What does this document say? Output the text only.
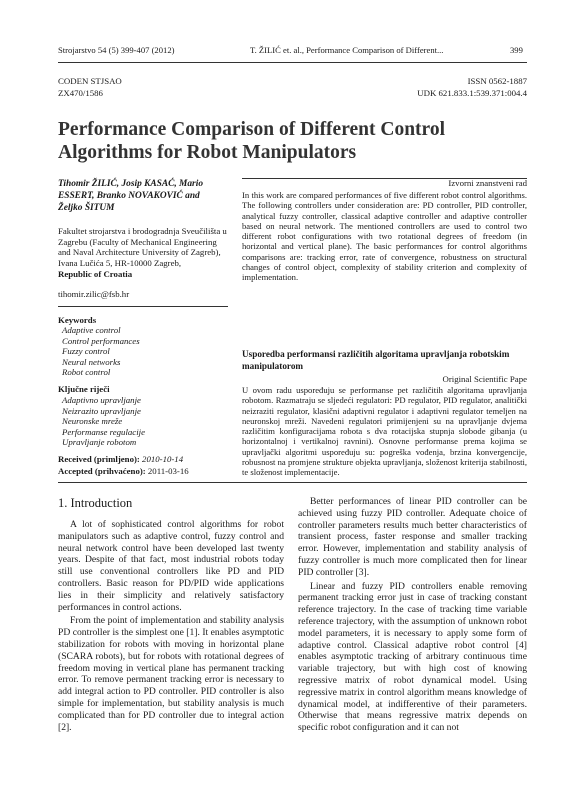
Strojarstvo 54 (5) 399-407 (2012)	T. ŽILIĆ et. al., Performance Comparison of Different...	399
CODEN STJSAO
ZX470/1586
ISSN 0562-1887
UDK 621.833.1:539.371:004.4
Performance Comparison of Different Control Algorithms for Robot Manipulators
Tihomir ŽILIĆ, Josip KASAĆ, Mario ESSERT, Branko NOVAKOVIĆ and Željko ŠITUM
Fakultet strojarstva i brodogradnja Sveučilišta u Zagrebu (Faculty of Mechanical Engineering and Naval Architecture University of Zagreb), Ivana Lučića 5, HR-10000 Zagreb,
Republic of Croatia
tihomir.zilic@fsb.hr
Keywords
Adaptive control
Control performances
Fuzzy control
Neural networks
Robot control
Ključne riječi
Adaptivno upravljanje
Neizrazito upravljanje
Neuronske mreže
Performanse regulacije
Upravljanje robotom
Received (primljeno): 2010-10-14
Accepted (prihvaćeno): 2011-03-16
Izvorni znanstveni rad
In this work are compared performances of five different robot control algorithms. The following controllers under consideration are: PD controller, PID controller, analytical fuzzy controller, classical adaptive controller and adaptive controller based on neural network. The mentioned controllers are used to control two different robot configurations with two rotational degrees of freedom (in horizontal and vertical plane). The basic performances for control algorithms comparisons are: tracking error, rate of convergence, robustness on structural changes of control object, complexity of stability criterion and complexity of implementation.
Usporedba performansi različitih algoritama upravljanja robotskim manipulatorom
Original Scientific Pape
U ovom radu uspoređuju se performanse pet različitih algoritama upravljanja robotom. Razmatraju se sljedeći regulatori: PD regulator, PID regulator, analitički neizraziti regulator, klasični adaptivni regulator i adaptivni regulator temeljen na neuronskoj mreži. Navedeni regulatori primijenjeni su na upravljanje dvjema različitim konfiguracijama robota s dva rotacijska stupnja slobode gibanja (u horizontalnoj i vertikalnoj ravnini). Osnovne performanse prema kojima se upravljački algoritmi uspoređuju su: pogreška vođenja, brzina konvergencije, robusnost na promjene strukture objekta upravljanja, složenost kriterija stabilnosti, te složenost implementacije.
1. Introduction
A lot of sophisticated control algorithms for robot manipulators such as adaptive control, fuzzy control and neural network control have been developed last twenty years. Despite of that fact, most industrial robots today still use conventional controllers like PD and PID controllers. Basic reason for PD/PID wide applications lies in their simplicity and relatively satisfactory performances in control actions.
From the point of implementation and stability analysis PD controller is the simplest one [1]. It enables asymptotic stabilization for robots with moving in horizontal plane (SCARA robots), but for robots with rotational degrees of freedom moving in vertical plane has permanent tracking error. To remove permanent tracking error is necessary to add integral action to PD controller. PID controller is also simple for implementation, but stability analysis is much complicated than for PD controller due to integral action [2].
Better performances of linear PID controller can be achieved using fuzzy PID controller. Adequate choice of controller parameters results much better characteristics of transient process, faster response and smaller tracking error. However, implementation and stability analysis of fuzzy controller is much more complicated then for linear PID controller [3].
Linear and fuzzy PID controllers enable removing permanent tracking error just in case of tracking constant reference trajectory. In the case of tracking time variable reference trajectory, with the assumption of unknown robot model parameters, it is necessary to apply some form of adaptive control. Classical adaptive robot control [4] enables asymptotic tracking of arbitrary continuous time variable trajectory, but with high cost of knowing regressive matrix of robot dynamical model. Using regressive matrix in control algorithm means knowledge of dynamical model, at indifferentive of their parameters. Otherwise that means regressive matrix depends on specific robot configuration and it can not
